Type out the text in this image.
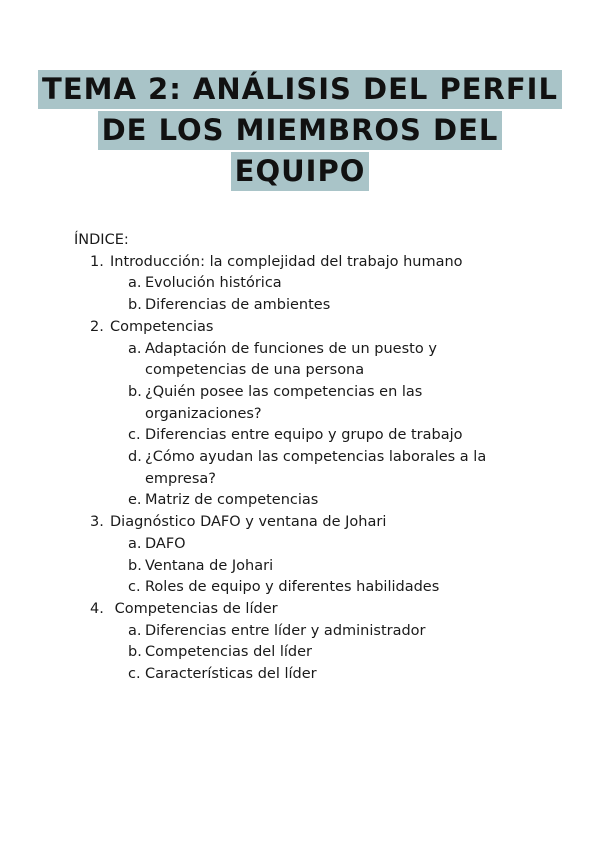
TEMA 2: ANÁLISIS DEL PERFIL
DE LOS MIEMBROS DEL
EQUIPO
ÍNDICE:
1. Introducción: la complejidad del trabajo humano
a. Evolución histórica
b. Diferencias de ambientes
2. Competencias
a. Adaptación de funciones de un puesto y competencias de una persona
b. ¿Quién posee las competencias en las organizaciones?
c. Diferencias entre equipo y grupo de trabajo
d. ¿Cómo ayudan las competencias laborales a la empresa?
e. Matriz de competencias
3. Diagnóstico DAFO y ventana de Johari
a. DAFO
b. Ventana de Johari
c. Roles de equipo y diferentes habilidades
4. Competencias de líder
a. Diferencias entre líder y administrador
b. Competencias del líder
c. Características del líder
